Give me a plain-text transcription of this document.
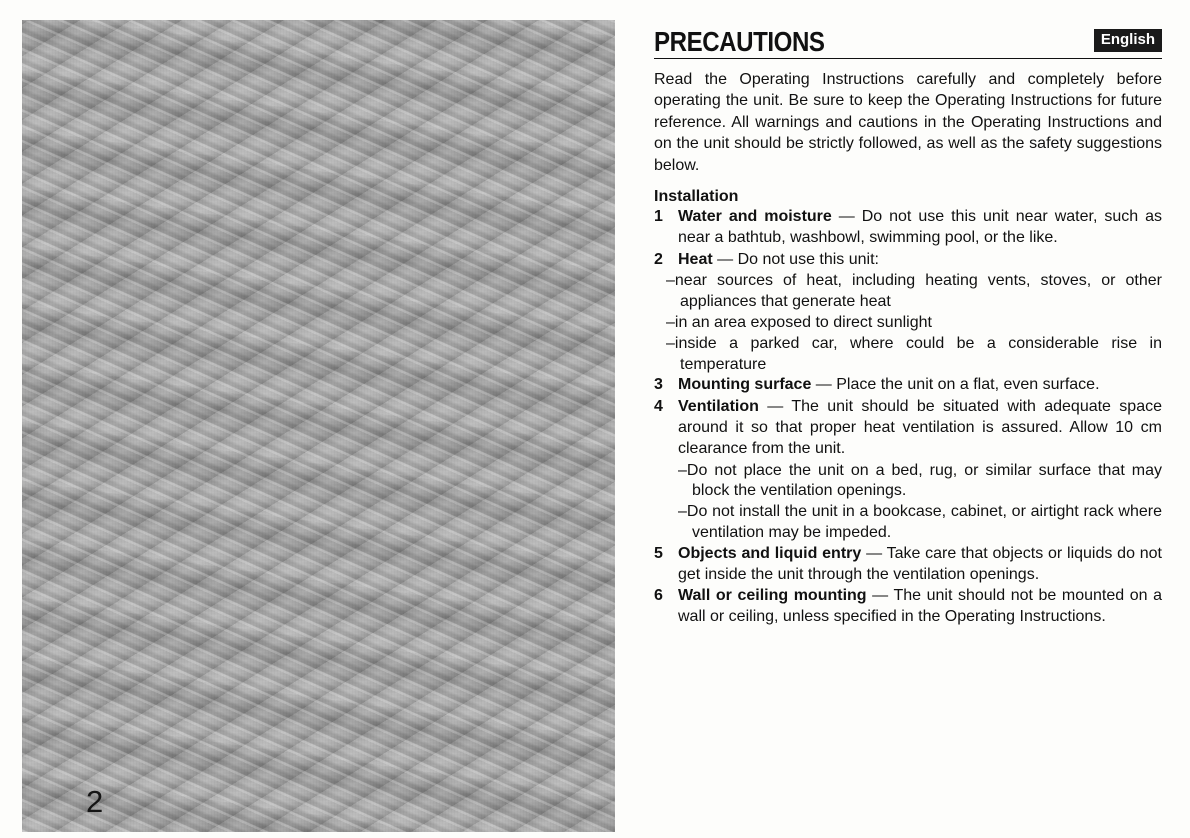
2
PRECAUTIONS	English

Read the Operating Instructions carefully and completely before operating the unit. Be sure to keep the Operating Instructions for future reference. All warnings and cautions in the Operating Instructions and on the unit should be strictly followed, as well as the safety suggestions below.

Installation
1 Water and moisture — Do not use this unit near water, such as near a bathtub, washbowl, swimming pool, or the like.
2 Heat — Do not use this unit:
–near sources of heat, including heating vents, stoves, or other appliances that generate heat
–in an area exposed to direct sunlight
–inside a parked car, where could be a considerable rise in temperature
3 Mounting surface — Place the unit on a flat, even surface.
4 Ventilation — The unit should be situated with adequate space around it so that proper heat ventilation is assured. Allow 10 cm clearance from the unit.
–Do not place the unit on a bed, rug, or similar surface that may block the ventilation openings.
–Do not install the unit in a bookcase, cabinet, or airtight rack where ventilation may be impeded.
5 Objects and liquid entry — Take care that objects or liquids do not get inside the unit through the ventilation openings.
6 Wall or ceiling mounting — The unit should not be mounted on a wall or ceiling, unless specified in the Operating Instructions.
